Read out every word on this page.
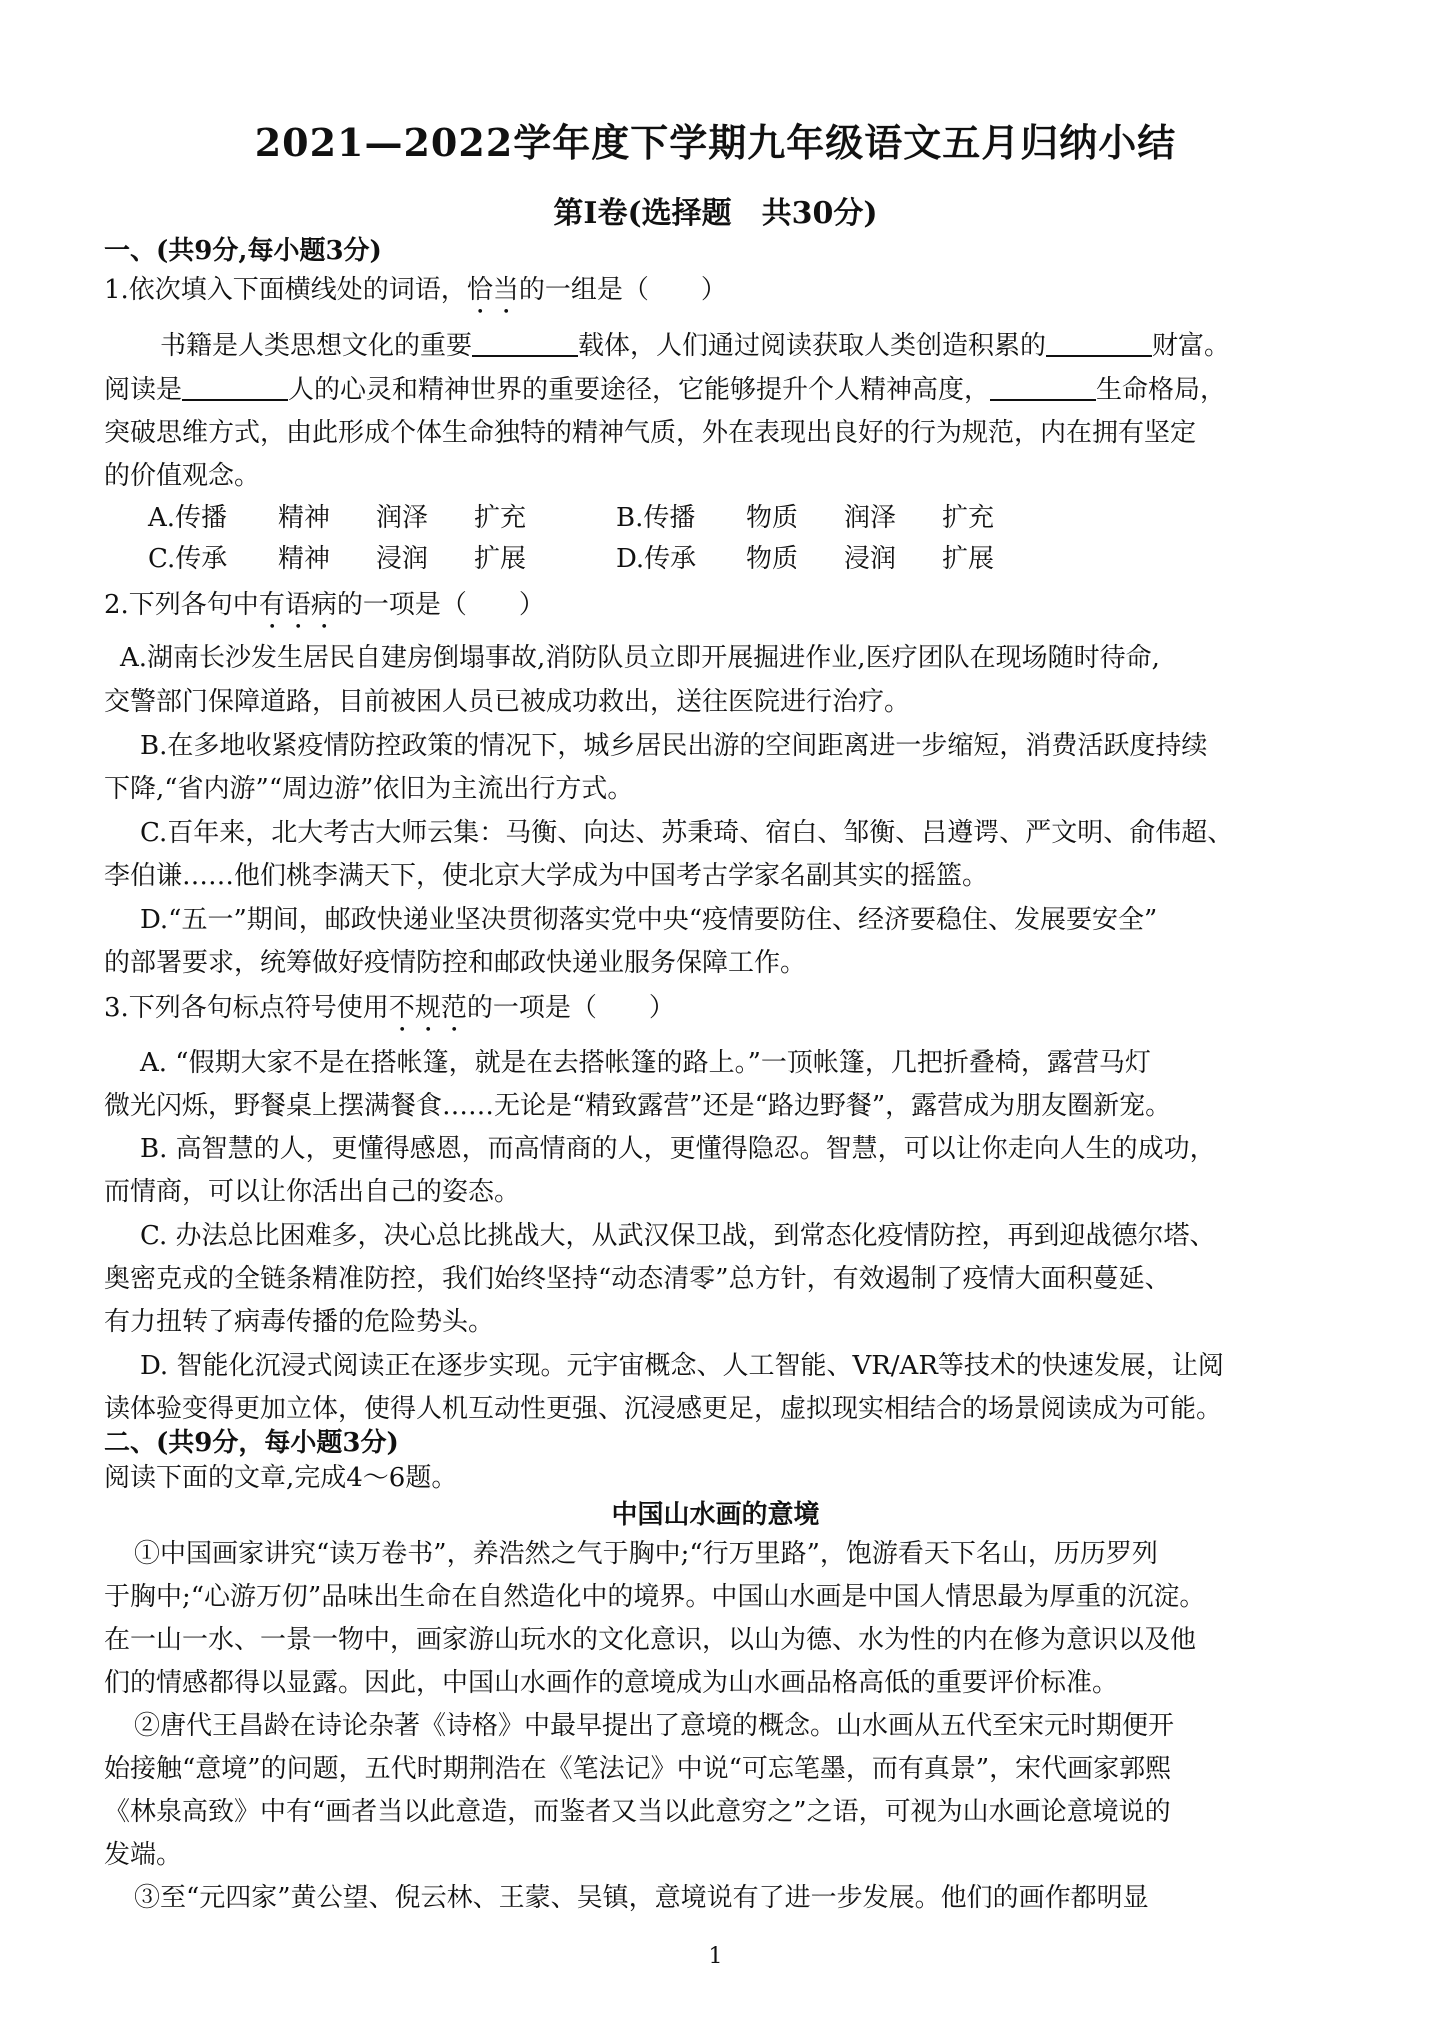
2021—2022学年度下学期九年级语文五月归纳小结
第Ⅰ卷(选择题　共30分)
一、(共9分,每小题3分)
1.依次填入下面横线处的词语，恰当的一组是（　　）
书籍是人类思想文化的重要	载体，人们通过阅读获取人类创造积累的	财富。
阅读是	人的心灵和精神世界的重要途径，它能够提升个人精神高度，	生命格局，
突破思维方式，由此形成个体生命独特的精神气质，外在表现出良好的行为规范，内在拥有坚定
的价值观念。
A.传播 精神 润泽 扩充	B.传播 物质 润泽 扩充
C.传承 精神 浸润 扩展	D.传承 物质 浸润 扩展
2.下列各句中有语病的一项是（　　）
A.湖南长沙发生居民自建房倒塌事故,消防队员立即开展掘进作业,医疗团队在现场随时待命,
交警部门保障道路，目前被困人员已被成功救出，送往医院进行治疗。
B.在多地收紧疫情防控政策的情况下，城乡居民出游的空间距离进一步缩短，消费活跃度持续
下降,“省内游”“周边游”依旧为主流出行方式。
C.百年来，北大考古大师云集：马衡、向达、苏秉琦、宿白、邹衡、吕遵谔、严文明、俞伟超、
李伯谦……他们桃李满天下，使北京大学成为中国考古学家名副其实的摇篮。
D.“五一”期间，邮政快递业坚决贯彻落实党中央“疫情要防住、经济要稳住、发展要安全”
的部署要求，统筹做好疫情防控和邮政快递业服务保障工作。
3.下列各句标点符号使用不规范的一项是（　　）
A. “假期大家不是在搭帐篷，就是在去搭帐篷的路上。”一顶帐篷，几把折叠椅，露营马灯
微光闪烁，野餐桌上摆满餐食……无论是“精致露营”还是“路边野餐”，露营成为朋友圈新宠。
B. 高智慧的人，更懂得感恩，而高情商的人，更懂得隐忍。智慧，可以让你走向人生的成功，
而情商，可以让你活出自己的姿态。
C. 办法总比困难多，决心总比挑战大，从武汉保卫战，到常态化疫情防控，再到迎战德尔塔、
奥密克戎的全链条精准防控，我们始终坚持“动态清零”总方针，有效遏制了疫情大面积蔓延、
有力扭转了病毒传播的危险势头。
D. 智能化沉浸式阅读正在逐步实现。元宇宙概念、人工智能、VR/AR等技术的快速发展，让阅
读体验变得更加立体，使得人机互动性更强、沉浸感更足，虚拟现实相结合的场景阅读成为可能。
二、(共9分，每小题3分)
阅读下面的文章,完成4～6题。
中国山水画的意境
①中国画家讲究“读万卷书”，养浩然之气于胸中;“行万里路”，饱游看天下名山，历历罗列
于胸中;“心游万仞”品味出生命在自然造化中的境界。中国山水画是中国人情思最为厚重的沉淀。
在一山一水、一景一物中，画家游山玩水的文化意识，以山为德、水为性的内在修为意识以及他
们的情感都得以显露。因此，中国山水画作的意境成为山水画品格高低的重要评价标准。
②唐代王昌龄在诗论杂著《诗格》中最早提出了意境的概念。山水画从五代至宋元时期便开
始接触“意境”的问题，五代时期荆浩在《笔法记》中说“可忘笔墨，而有真景”，宋代画家郭熙
《林泉高致》中有“画者当以此意造，而鉴者又当以此意穷之”之语，可视为山水画论意境说的
发端。
③至“元四家”黄公望、倪云林、王蒙、吴镇，意境说有了进一步发展。他们的画作都明显
1
